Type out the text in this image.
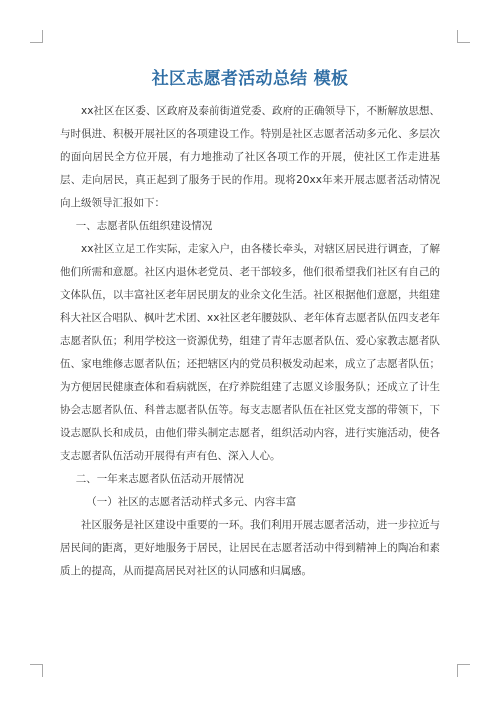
社区志愿者活动总结 模板

xx社区在区委、区政府及泰前街道党委、政府的正确领导下，不断解放思想、与时俱进、积极开展社区的各项建设工作。特别是社区志愿者活动多元化、多层次的面向居民全方位开展，有力地推动了社区各项工作的开展，使社区工作走进基层、走向居民，真正起到了服务于民的作用。现将20xx年来开展志愿者活动情况向上级领导汇报如下：

一、志愿者队伍组织建设情况

xx社区立足工作实际，走家入户，由各楼长牵头，对辖区居民进行调查，了解他们所需和意愿。社区内退休老党员、老干部较多，他们很希望我们社区有自己的文体队伍，以丰富社区老年居民朋友的业余文化生活。社区根据他们意愿，共组建科大社区合唱队、枫叶艺术团、xx社区老年腰鼓队、老年体育志愿者队伍四支老年志愿者队伍；利用学校这一资源优势，组建了青年志愿者队伍、爱心家教志愿者队伍、家电维修志愿者队伍；还把辖区内的党员积极发动起来，成立了志愿者队伍；为方便居民健康查体和看病就医，在疗养院组建了志愿义诊服务队；还成立了计生协会志愿者队伍、科普志愿者队伍等。每支志愿者队伍在社区党支部的带领下，下设志愿队长和成员，由他们带头制定志愿者，组织活动内容，进行实施活动，使各支志愿者队伍活动开展得有声有色、深入人心。

二、一年来志愿者队伍活动开展情况

（一）社区的志愿者活动样式多元、内容丰富

社区服务是社区建设中重要的一环。我们利用开展志愿者活动，进一步拉近与居民间的距离，更好地服务于居民，让居民在志愿者活动中得到精神上的陶冶和素质上的提高，从而提高居民对社区的认同感和归属感。
